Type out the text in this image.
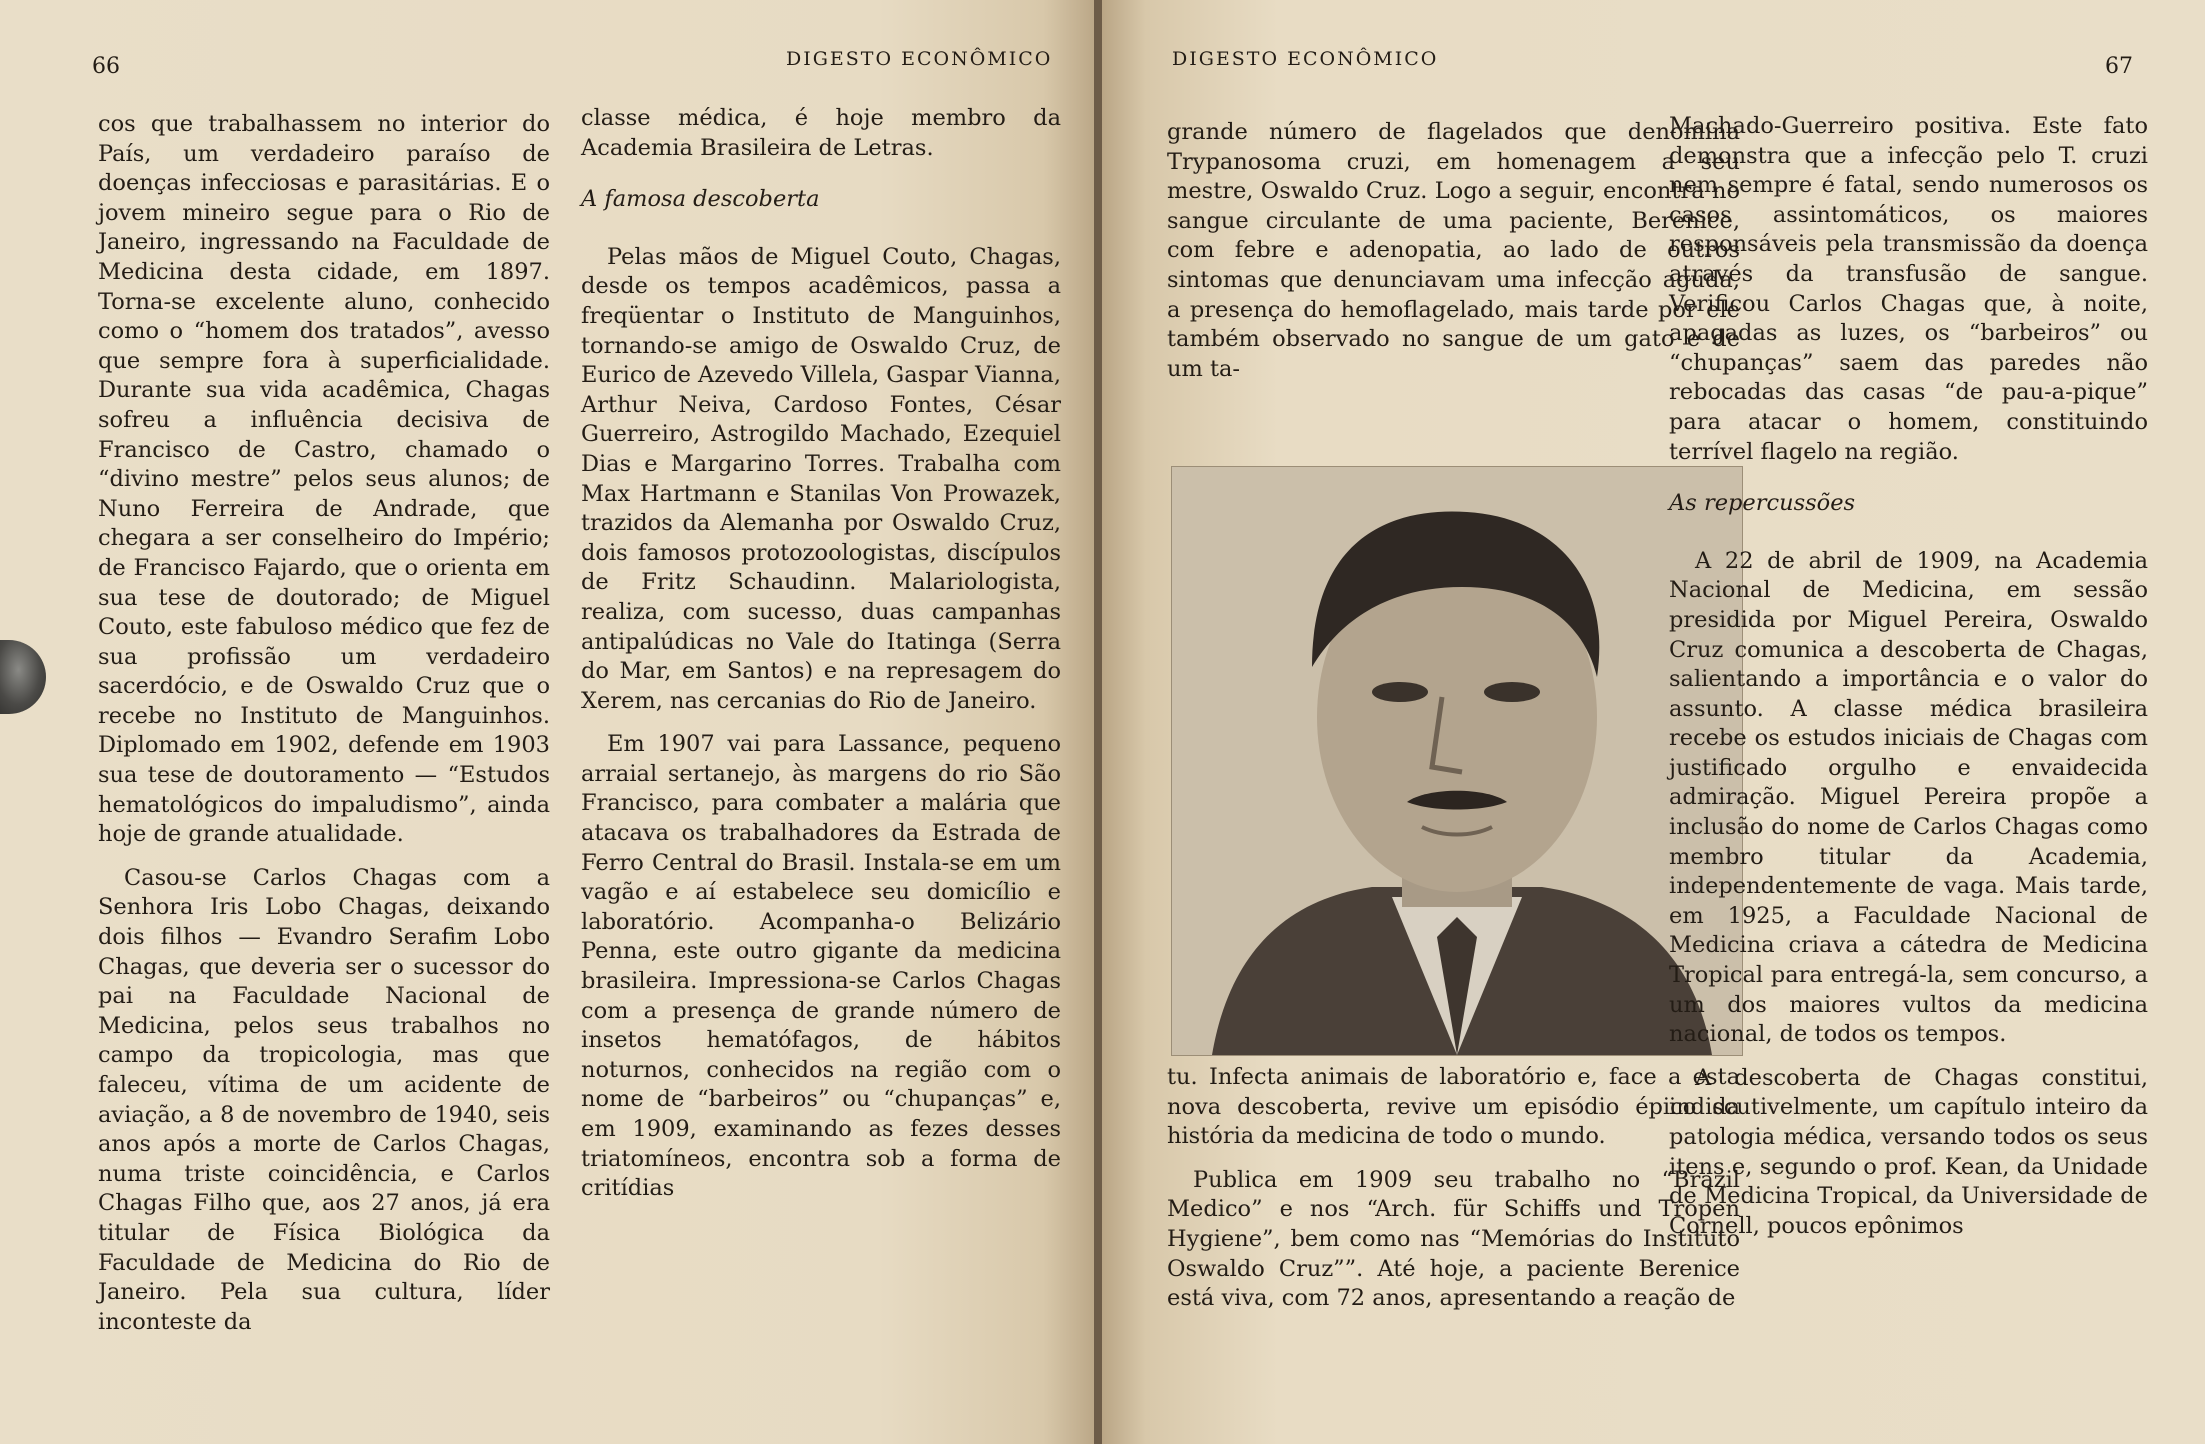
66	DIGESTO ECONÔMICO

cos que trabalhassem no interior do País, um verdadeiro paraíso de doenças infecciosas e parasitárias. E o jovem mineiro segue para o Rio de Janeiro, ingressando na Faculdade de Medicina desta cidade, em 1897. Torna-se excelente aluno, conhecido como o “homem dos tratados”, avesso que sempre fora à superficialidade. Durante sua vida acadêmica, Chagas sofreu a influência decisiva de Francisco de Castro, chamado o “divino mestre” pelos seus alunos; de Nuno Ferreira de Andrade, que chegara a ser conselheiro do Império; de Francisco Fajardo, que o orienta em sua tese de doutorado; de Miguel Couto, este fabuloso médico que fez de sua profissão um verdadeiro sacerdócio, e de Oswaldo Cruz que o recebe no Instituto de Manguinhos. Diplomado em 1902, defende em 1903 sua tese de doutoramento — “Estudos hematológicos do impaludismo”, ainda hoje de grande atualidade.

Casou-se Carlos Chagas com a Senhora Iris Lobo Chagas, deixando dois filhos — Evandro Serafim Lobo Chagas, que deveria ser o sucessor do pai na Faculdade Nacional de Medicina, pelos seus trabalhos no campo da tropicologia, mas que faleceu, vítima de um acidente de aviação, a 8 de novembro de 1940, seis anos após a morte de Carlos Chagas, numa triste coincidência, e Carlos Chagas Filho que, aos 27 anos, já era titular de Física Biológica da Faculdade de Medicina do Rio de Janeiro. Pela sua cultura, líder inconteste da

classe médica, é hoje membro da Academia Brasileira de Letras.

A famosa descoberta

Pelas mãos de Miguel Couto, Chagas, desde os tempos acadêmicos, passa a freqüentar o Instituto de Manguinhos, tornando-se amigo de Oswaldo Cruz, de Eurico de Azevedo Villela, Gaspar Vianna, Arthur Neiva, Cardoso Fontes, César Guerreiro, Astrogildo Machado, Ezequiel Dias e Margarino Torres. Trabalha com Max Hartmann e Stanilas Von Prowazek, trazidos da Alemanha por Oswaldo Cruz, dois famosos protozoologistas, discípulos de Fritz Schaudinn. Malariologista, realiza, com sucesso, duas campanhas antipalúdicas no Vale do Itatinga (Serra do Mar, em Santos) e na represagem do Xerem, nas cercanias do Rio de Janeiro.

Em 1907 vai para Lassance, pequeno arraial sertanejo, às margens do rio São Francisco, para combater a malária que atacava os trabalhadores da Estrada de Ferro Central do Brasil. Instala-se em um vagão e aí estabelece seu domicílio e laboratório. Acompanha-o Belizário Penna, este outro gigante da medicina brasileira. Impressiona-se Carlos Chagas com a presença de grande número de insetos hematófagos, de hábitos noturnos, conhecidos na região com o nome de “barbeiros” ou “chupanças” e, em 1909, examinando as fezes desses triatomíneos, encontra sob a forma de critídias

DIGESTO ECONÔMICO	67

grande número de flagelados que denomina Trypanosoma cruzi, em homenagem a seu mestre, Oswaldo Cruz. Logo a seguir, encontra no sangue circulante de uma paciente, Berenice, com febre e adenopatia, ao lado de outros sintomas que denunciavam uma infecção aguda, a presença do hemoflagelado, mais tarde por ele também observado no sangue de um gato e de um ta-

tu. Infecta animais de laboratório e, face a esta nova descoberta, revive um episódio épico da história da medicina de todo o mundo.

Publica em 1909 seu trabalho no “Brazil Medico” e nos “Arch. für Schiffs und Tropen Hygiene”, bem como nas “Memórias do Instituto Oswaldo Cruz””. Até hoje, a paciente Berenice está viva, com 72 anos, apresentando a reação de

Machado-Guerreiro positiva. Este fato demonstra que a infecção pelo T. cruzi nem sempre é fatal, sendo numerosos os casos assintomáticos, os maiores responsáveis pela transmissão da doença através da transfusão de sangue. Verificou Carlos Chagas que, à noite, apagadas as luzes, os “barbeiros” ou “chupanças” saem das paredes não rebocadas das casas “de pau-a-pique” para atacar o homem, constituindo terrível flagelo na região.

As repercussões

A 22 de abril de 1909, na Academia Nacional de Medicina, em sessão presidida por Miguel Pereira, Oswaldo Cruz comunica a descoberta de Chagas, salientando a importância e o valor do assunto. A classe médica brasileira recebe os estudos iniciais de Chagas com justificado orgulho e envaidecida admiração. Miguel Pereira propõe a inclusão do nome de Carlos Chagas como membro titular da Academia, independentemente de vaga. Mais tarde, em 1925, a Faculdade Nacional de Medicina criava a cátedra de Medicina Tropical para entregá-la, sem concurso, a um dos maiores vultos da medicina nacional, de todos os tempos.

A descoberta de Chagas constitui, indiscutivelmente, um capítulo inteiro da patologia médica, versando todos os seus itens e, segundo o prof. Kean, da Unidade de Medicina Tropical, da Universidade de Cornell, poucos epônimos
